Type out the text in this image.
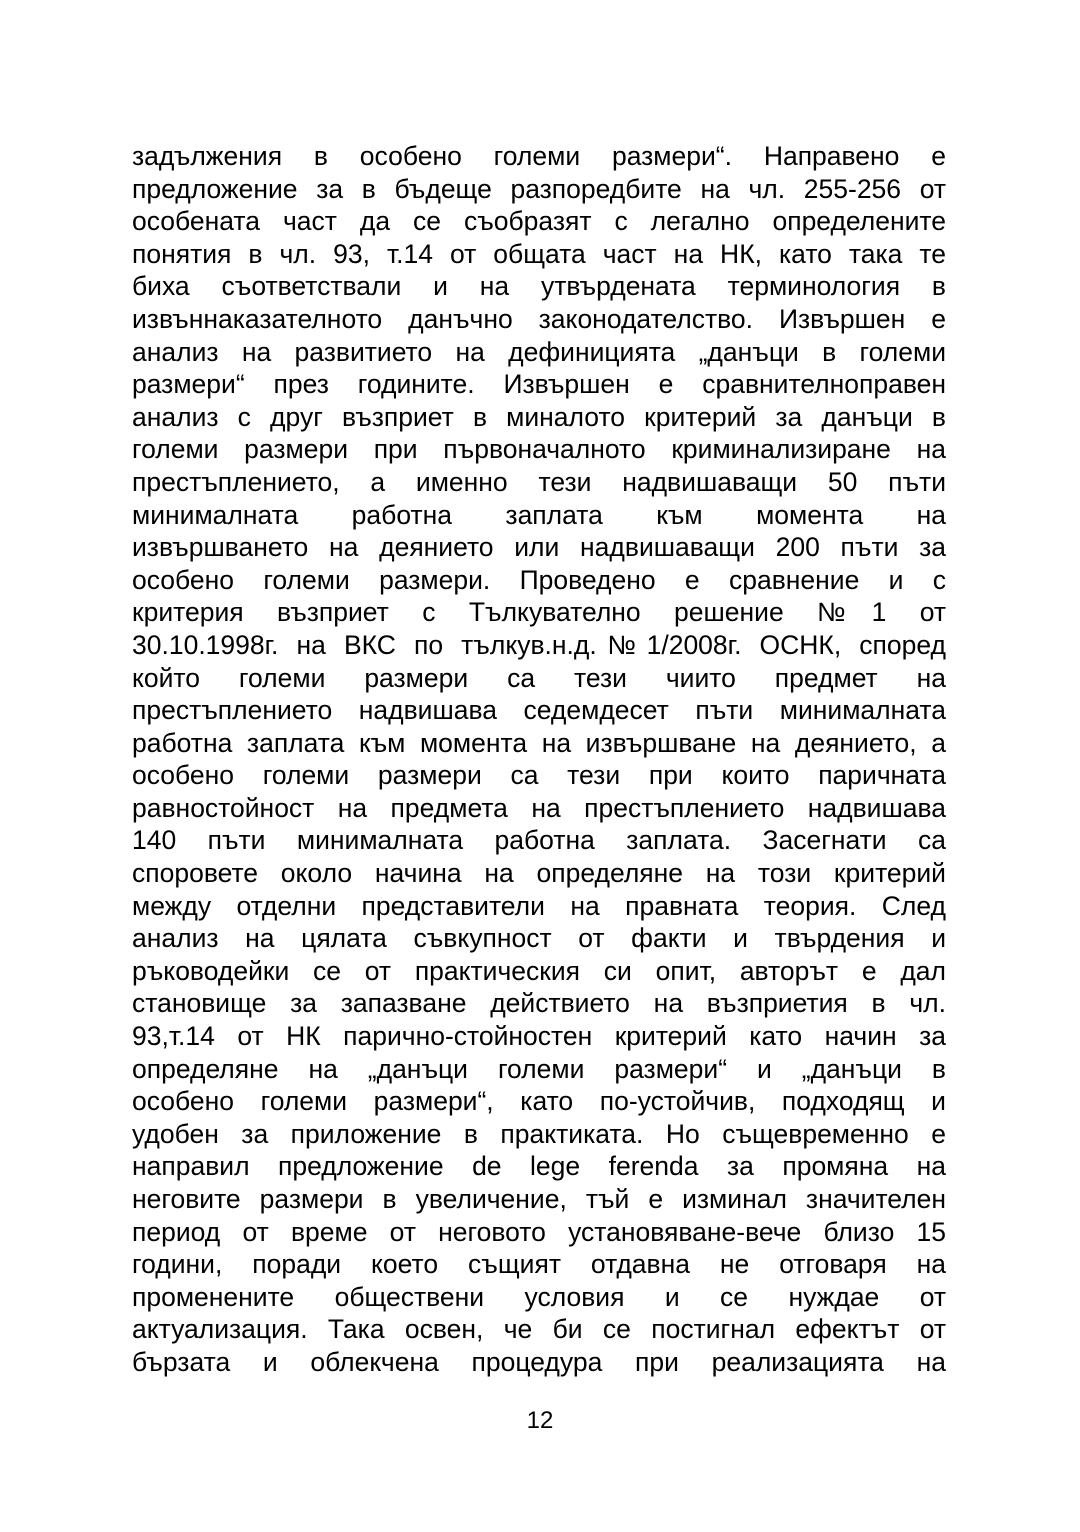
задължения в особено големи размери“. Направено е
предложение за в бъдеще разпоредбите на чл. 255-256 от
особената част да се съобразят с легално определените
понятия в чл. 93, т.14 от общата част на НК, като така те
биха съответствали и на утвърдената терминология в
извъннаказателното данъчно законодателство. Извършен е
анализ на развитието на дефиницията „данъци в големи
размери“ през годините. Извършен е сравнителноправен
анализ с друг възприет в миналото критерий за данъци в
големи размери при първоначалното криминализиране на
престъплението, а именно тези надвишаващи 50 пъти
минималната работна заплата към момента на
извършването на деянието или надвишаващи 200 пъти за
особено големи размери. Проведено е сравнение и с
критерия възприет с Тълкувателно решение №1 от
30.10.1998г. на ВКС по тълкув.н.д.№1/2008г. ОСНК, според
който големи размери са тези чиито предмет на
престъплението надвишава седемдесет пъти минималната
работна заплата към момента на извършване на деянието, а
особено големи размери са тези при които паричната
равностойност на предмета на престъплението надвишава
140 пъти минималната работна заплата. Засегнати са
споровете около начина на определяне на този критерий
между отделни представители на правната теория. След
анализ на цялата съвкупност от факти и твърдения и
ръководейки се от практическия си опит, авторът е дал
становище за запазване действието на възприетия в чл.
93,т.14 от НК парично-стойностен критерий като начин за
определяне на „данъци големи размери“ и „данъци в
особено големи размери“, като по-устойчив, подходящ и
удобен за приложение в практиката. Но същевременно е
направил предложение de lege ferenda за промяна на
неговите размери в увеличение, тъй е изминал значителен
период от време от неговото установяване-вече близо 15
години, поради което същият отдавна не отговаря на
променените обществени условия и се нуждае от
актуализация. Така освен, че би се постигнал ефектът от
бързата и облекчена процедура при реализацията на
12
